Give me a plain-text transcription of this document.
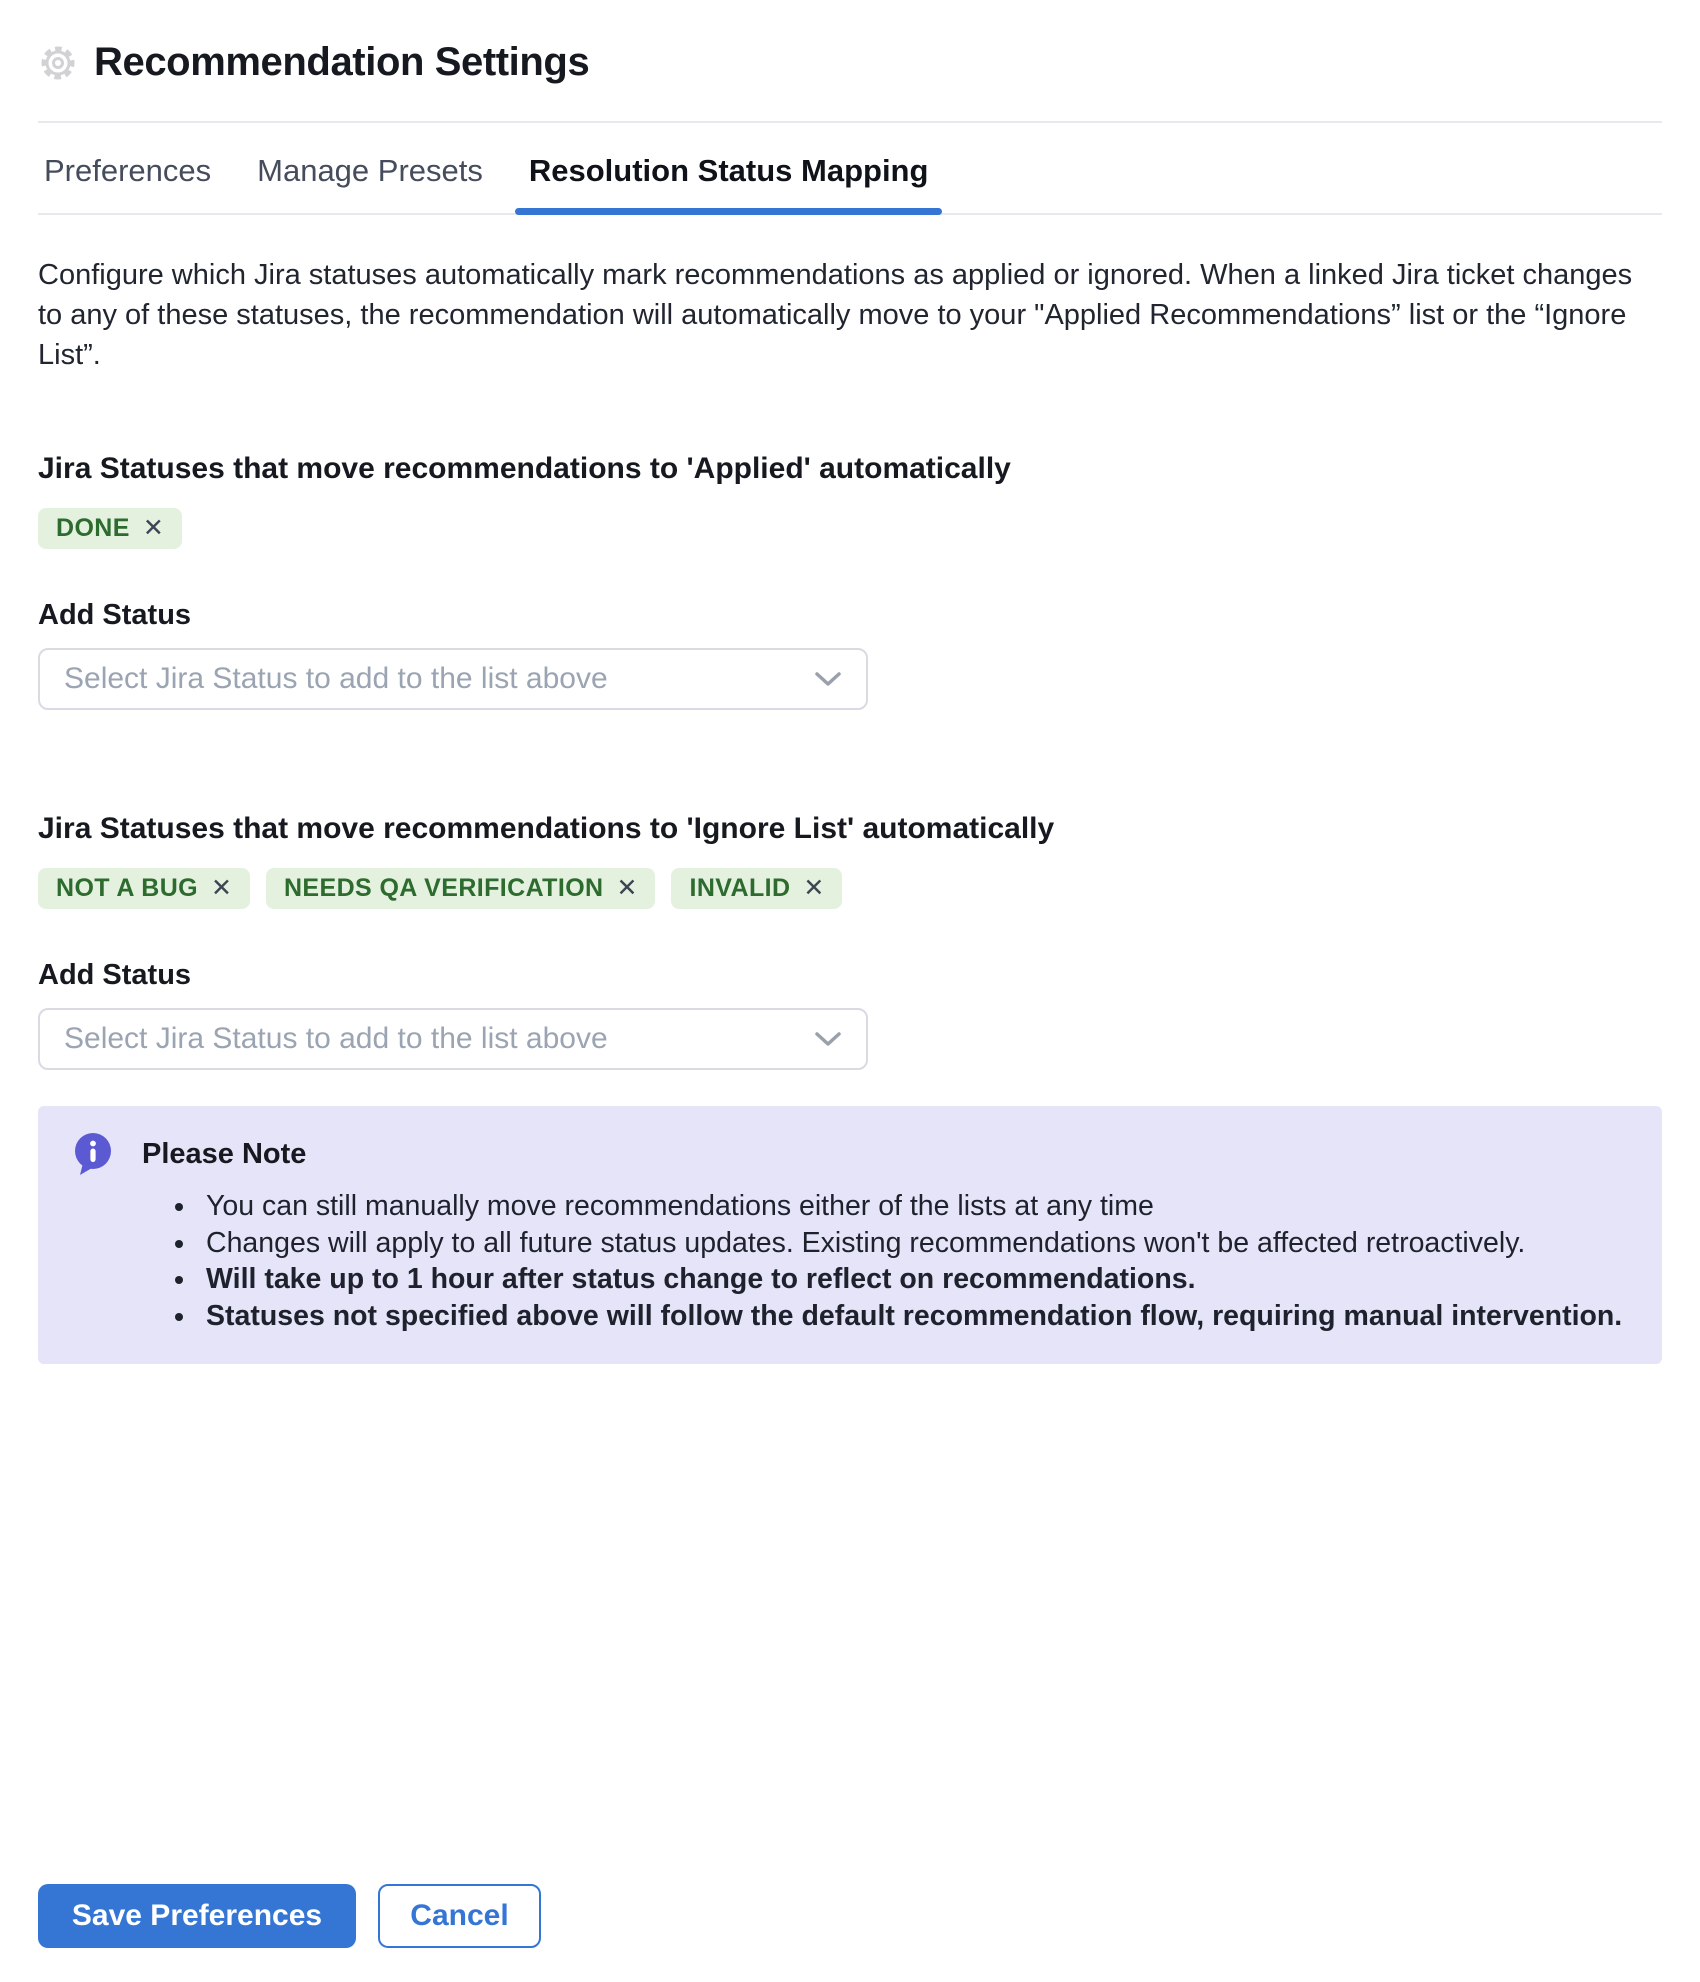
Recommendation Settings
Preferences Manage Presets Resolution Status Mapping

Configure which Jira statuses automatically mark recommendations as applied or ignored. When a linked Jira ticket changes to any of these statuses, the recommendation will automatically move to your "Applied Recommendations” list or the “Ignore List”.

Jira Statuses that move recommendations to 'Applied' automatically
DONE ✕
Add Status
Select Jira Status to add to the list above
Jira Statuses that move recommendations to 'Ignore List' automatically
NOT A BUG ✕ NEEDS QA VERIFICATION ✕ INVALID ✕
Add Status
Select Jira Status to add to the list above
Please Note
• You can still manually move recommendations either of the lists at any time
• Changes will apply to all future status updates. Existing recommendations won't be affected retroactively.
• Will take up to 1 hour after status change to reflect on recommendations.
• Statuses not specified above will follow the default recommendation flow, requiring manual intervention.
Save Preferences	Cancel
